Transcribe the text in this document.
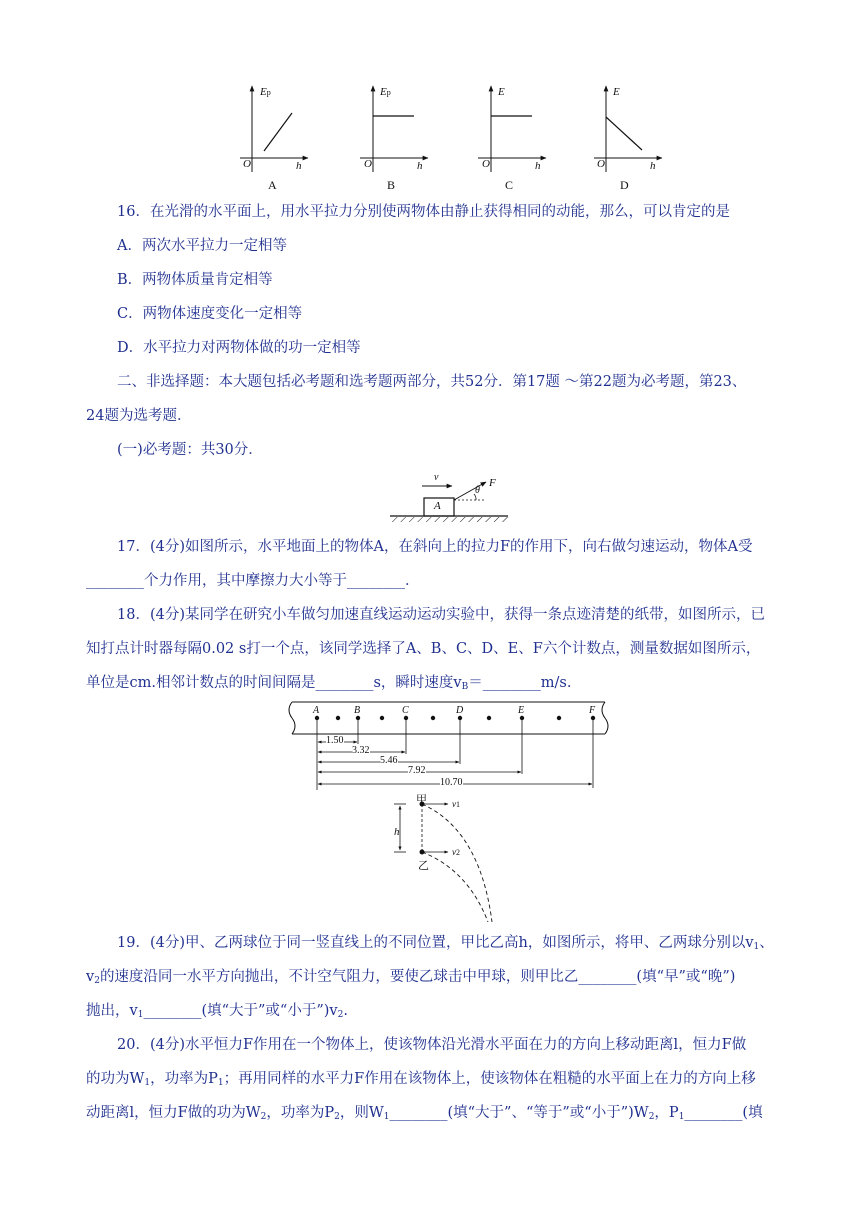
Ep
O	h
A
Ep
O	h
B
E
O	h
C
E
O	h
D
16．在光滑的水平面上，用水平拉力分别使两物体由静止获得相同的动能，那么，可以肯定的是
A．两次水平拉力一定相等
B．两物体质量肯定相等
C．两物体速度变化一定相等
D．水平拉力对两物体做的功一定相等
二、非选择题：本大题包括必考题和选考题两部分，共52分．第17题 ～第22题为必考题，第23、
24题为选考题．
(一)必考题：共30分．
v	F
θ
A
17．(4分)如图所示，水平地面上的物体A，在斜向上的拉力F的作用下，向右做匀速运动，物体A受
________个力作用，其中摩擦力大小等于________．
18．(4分)某同学在研究小车做匀加速直线运动运动实验中，获得一条点迹清楚的纸带，如图所示，已
知打点计时器每隔0.02 s打一个点，该同学选择了A、B、C、D、E、F六个计数点，测量数据如图所示，
单位是cm.相邻计数点的时间间隔是________s，瞬时速度$v_B=\_\_\_\_\_\_\_\_m/s$.
A	B	C	D	E	F
1.50
3.32
5.46
7.92
10.70
甲
乙
h
v1
v2
19．(4分)甲、乙两球位于同一竖直线上的不同位置，甲比乙高h，如图所示，将甲、乙两球分别以$v_1$、
$v_2$的速度沿同一水平方向抛出，不计空气阻力，要使乙球击中甲球，则甲比乙________(填“早”或“晚”)
抛出，$v_1\_\_\_\_\_\_\_\_$(填“大于”或“小于$”)v_2$.
20．(4分)水平恒力F作用在一个物体上，使该物体沿光滑水平面在力的方向上移动距离l，恒力F做
的功为$W_1$，功率为$P_1$；再用同样的水平力F作用在该物体上，使该物体在粗糙的水平面上在力的方向上移
动距离l，恒力F做的功为$W_2$，功率为$P_2$，则$W_1\_\_\_\_\_\_\_\_$(填“大于”、“等于”或“小于$”)W_2$，$P_1\_\_\_\_\_\_\_\_$(填
